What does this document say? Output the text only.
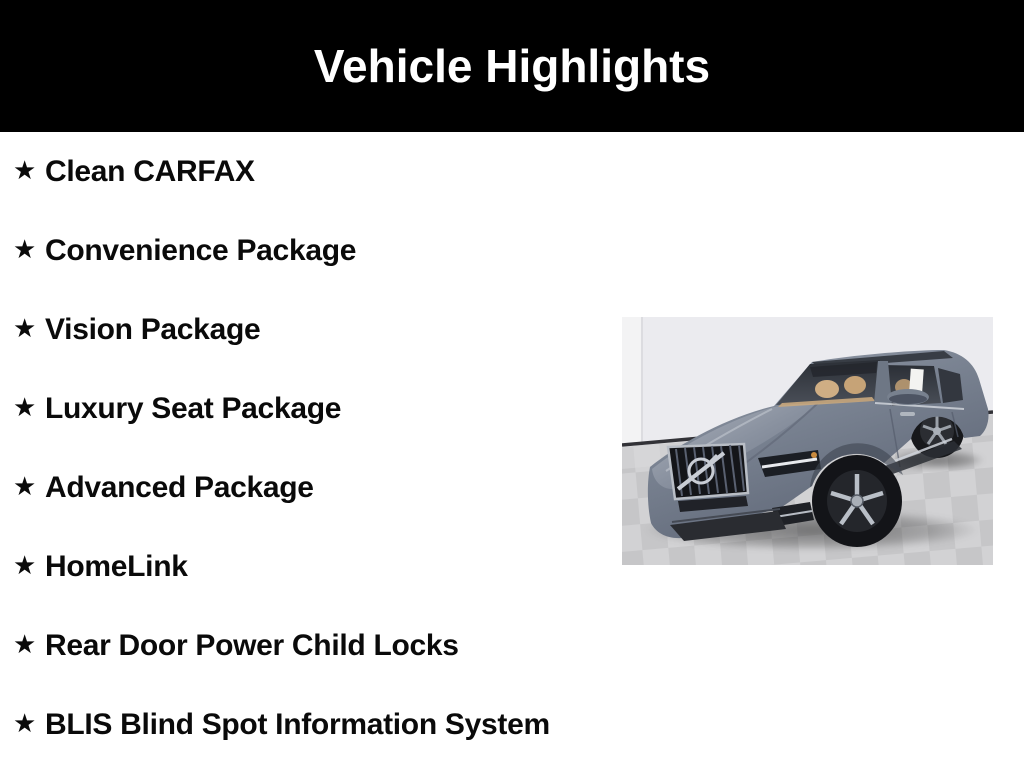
Vehicle Highlights
★ Clean CARFAX
★ Convenience Package
★ Vision Package
★ Luxury Seat Package
★ Advanced Package
★ HomeLink
★ Rear Door Power Child Locks
★ BLIS Blind Spot Information System
